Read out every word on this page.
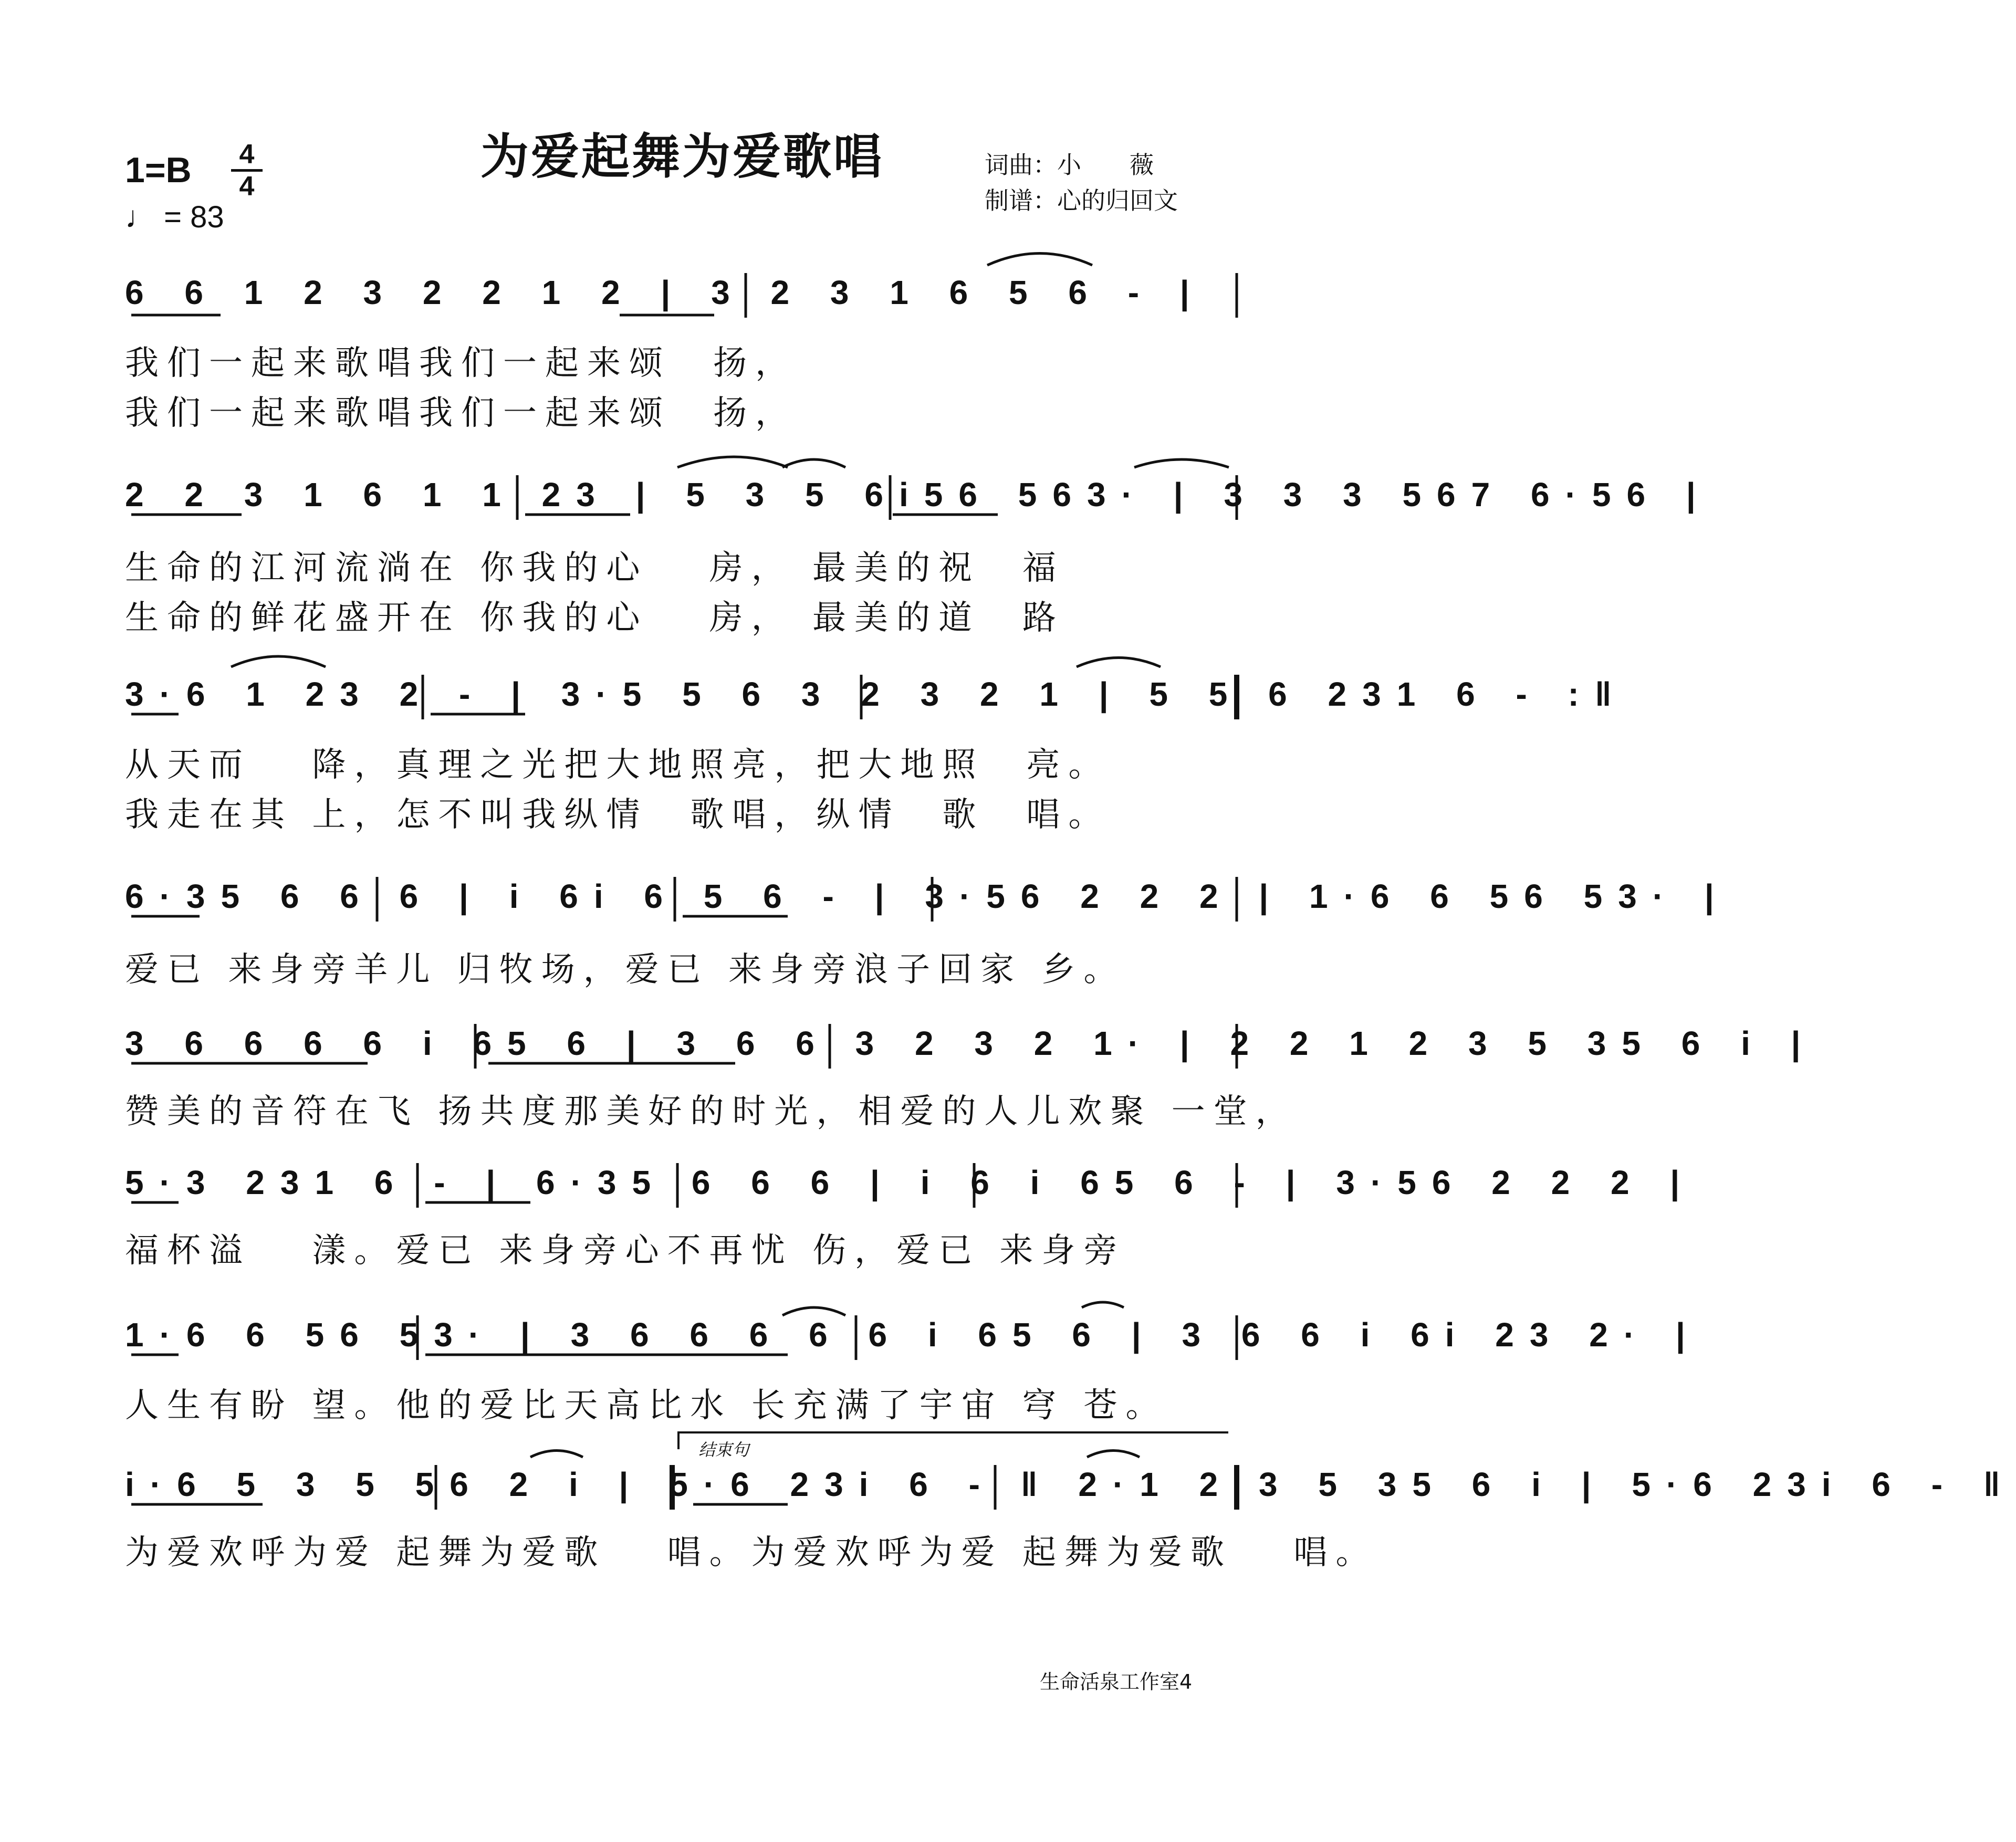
为爱起舞为爱歌唱
1=B 4
4
♩ = 83
词曲：小　　薇
制谱：心的归回文
6 6 1 2 3 2 2 1 2 | 3 2 3 1 6 5 6 - |
我们一起来歌唱我们一起来颂　扬，
我们一起来歌唱我们一起来颂　扬，
2 2 3 1 6 1 1 23 | 5 3 5 6i56 563· | 3 3 3 567 6·56 |
生命的江河流淌在 你我的心　 房， 最美的祝　福
生命的鲜花盛开在 你我的心　 房， 最美的道　路
3·6 1 23 2 - | 3·5 5 6 3 2 3 2 1 | 5 5 6 231 6 - :‖
从天而　 降，真理之光把大地照亮，把大地照　亮。
我走在其 上，怎不叫我纵情　歌唱，纵情　歌　唱。
6·35 6 6 6 | i 6i 6 5 6 - | 3·56 2 2 2 | 1·6 6 56 53· |
爱已 来身旁羊儿 归牧场，爱已 来身旁浪子回家 乡。
3 6 6 6 6 i 65 6 | 3 6 6 3 2 3 2 1· | 2 2 1 2 3 5 35 6 i |
赞美的音符在飞 扬共度那美好的时光，相爱的人儿欢聚 一堂，
5·3 231 6 - | 6·35 6 6 6 | i 6 i 65 6 - | 3·56 2 2 2 |
福杯溢　 漾。爱已 来身旁心不再忧 伤，爱已 来身旁
1·6 6 56 53· | 3 6 6 6 6 6 i 65 6 | 3 6 6 i 6i 23 2· |
人生有盼 望。他的爱比天高比水 长充满了宇宙 穹 苍。
结束句
i·6 5 3 5 56 2 i | 5·6 23i 6 - ‖ 2·1 2 3 5 35 6 i | 5·6 23i 6 - ‖
为爱欢呼为爱 起舞为爱歌　 唱。为爱欢呼为爱 起舞为爱歌　 唱。
生命活泉工作室4
